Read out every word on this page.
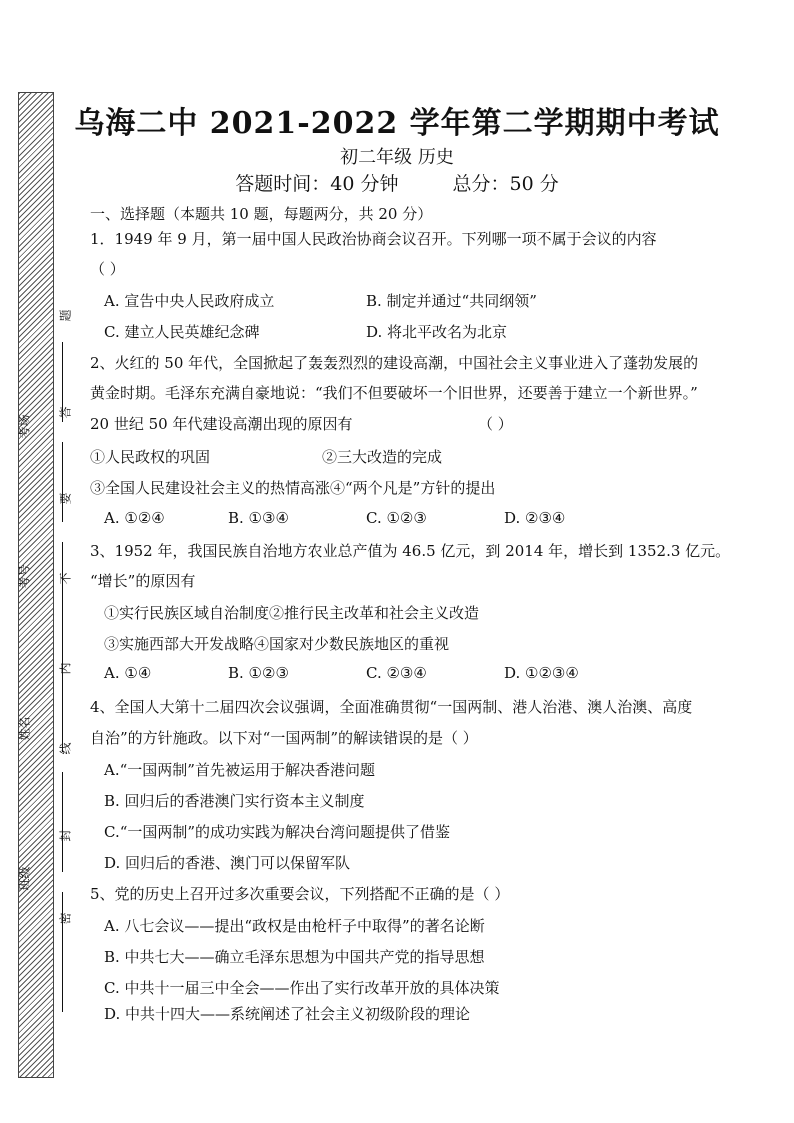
题
答
要
不
内
线
封
密
班级
姓名
考号
考场
乌海二中 2021-2022 学年第二学期期中考试
初二年级 历史
答题时间：40 分钟	总分：50 分
一、选择题（本题共 10 题，每题两分，共 20 分）
1．1949 年 9 月，第一届中国人民政治协商会议召开。下列哪一项不属于会议的内容
（ ）
A. 宣告中央人民政府成立	B. 制定并通过“共同纲领”
C. 建立人民英雄纪念碑	D. 将北平改名为北京
2、火红的 50 年代，全国掀起了轰轰烈烈的建设高潮，中国社会主义事业进入了蓬勃发展的
黄金时期。毛泽东充满自豪地说：“我们不但要破坏一个旧世界，还要善于建立一个新世界。”
20 世纪 50 年代建设高潮出现的原因有	（ ）
①人民政权的巩固	②三大改造的完成
③全国人民建设社会主义的热情高涨④“两个凡是”方针的提出
A. ①②④	B. ①③④	C. ①②③	D. ②③④
3、1952 年，我国民族自治地方农业总产值为 46.5 亿元，到 2014 年，增长到 1352.3 亿元。
“增长”的原因有
①实行民族区域自治制度②推行民主改革和社会主义改造
③实施西部大开发战略④国家对少数民族地区的重视
A. ①④	B. ①②③	C. ②③④	D. ①②③④
4、全国人大第十二届四次会议强调，全面准确贯彻“一国两制、港人治港、澳人治澳、高度
自治”的方针施政。以下对“一国两制”的解读错误的是（ ）
A.“一国两制”首先被运用于解决香港问题
B. 回归后的香港澳门实行资本主义制度
C.“一国两制”的成功实践为解决台湾问题提供了借鉴
D. 回归后的香港、澳门可以保留军队
5、党的历史上召开过多次重要会议，下列搭配不正确的是（ ）
A. 八七会议——提出“政权是由枪杆子中取得”的著名论断
B. 中共七大——确立毛泽东思想为中国共产党的指导思想
C. 中共十一届三中全会——作出了实行改革开放的具体决策
D. 中共十四大——系统阐述了社会主义初级阶段的理论
